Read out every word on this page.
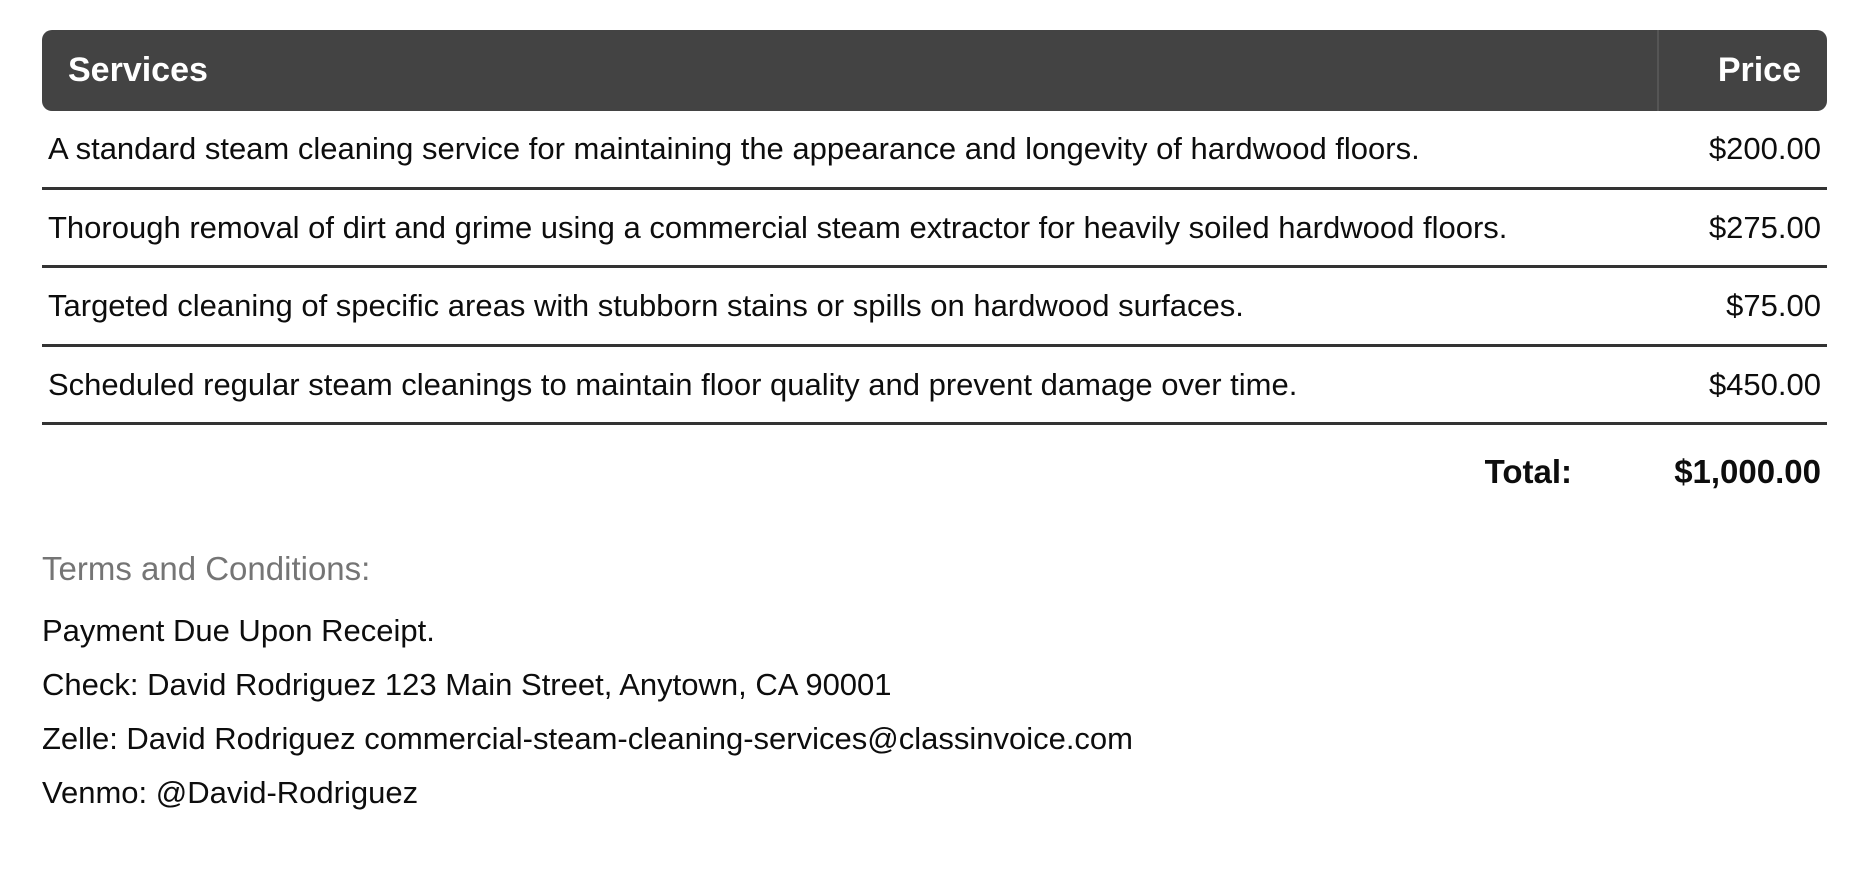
Services	Price
A standard steam cleaning service for maintaining the appearance and longevity of hardwood floors.	$200.00
Thorough removal of dirt and grime using a commercial steam extractor for heavily soiled hardwood floors.	$275.00
Targeted cleaning of specific areas with stubborn stains or spills on hardwood surfaces.	$75.00
Scheduled regular steam cleanings to maintain floor quality and prevent damage over time.	$450.00
Total:	$1,000.00
Terms and Conditions:
Payment Due Upon Receipt.
Check: David Rodriguez 123 Main Street, Anytown, CA 90001
Zelle: David Rodriguez commercial-steam-cleaning-services@classinvoice.com
Venmo: @David-Rodriguez
